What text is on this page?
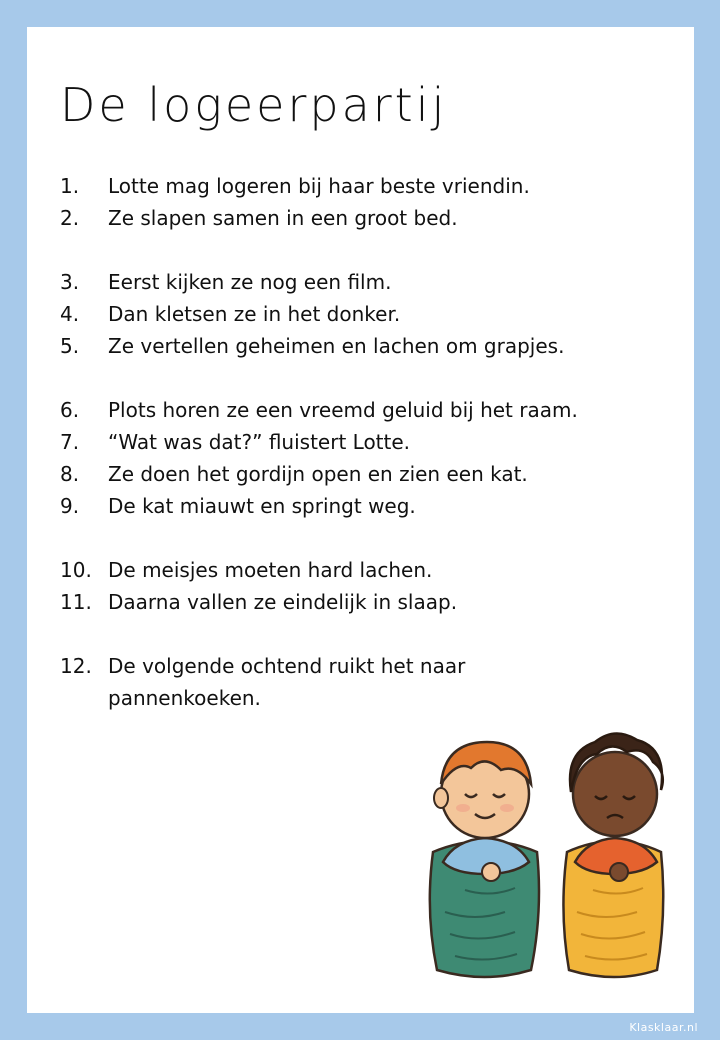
De logeerpartij
1.	Lotte mag logeren bij haar beste vriendin.
2.	Ze slapen samen in een groot bed.
3.	Eerst kijken ze nog een film.
4.	Dan kletsen ze in het donker.
5.	Ze vertellen geheimen en lachen om grapjes.
6.	Plots horen ze een vreemd geluid bij het raam.
7.	“Wat was dat?” fluistert Lotte.
8.	Ze doen het gordijn open en zien een kat.
9.	De kat miauwt en springt weg.
10. De meisjes moeten hard lachen.
11. Daarna vallen ze eindelijk in slaap.
12. De volgende ochtend ruikt het naar pannenkoeken.
Klasklaar.nl
